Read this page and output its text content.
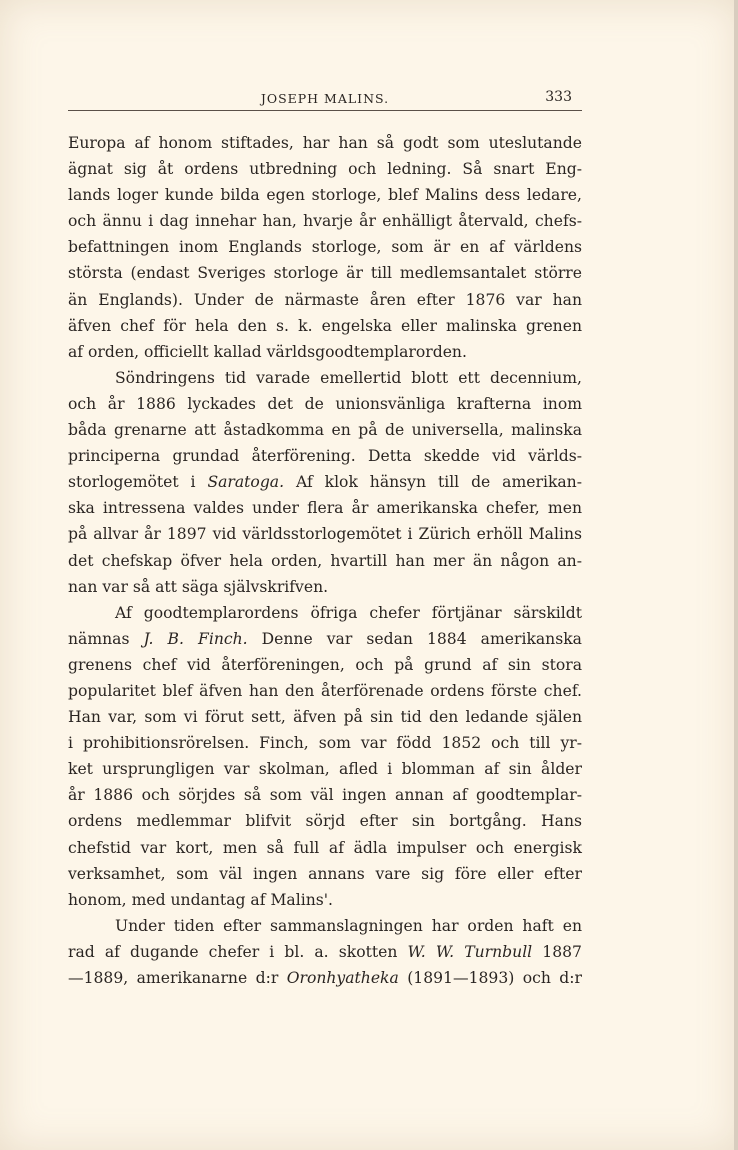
JOSEPH MALINS.	333
Europa af honom stiftades, har han så godt som uteslutande
ägnat sig åt ordens utbredning och ledning. Så snart Eng-
lands loger kunde bilda egen storloge, blef Malins dess ledare,
och ännu i dag innehar han, hvarje år enhälligt återvald, chefs-
befattningen inom Englands storloge, som är en af världens
största (endast Sveriges storloge är till medlemsantalet större
än Englands). Under de närmaste åren efter 1876 var han
äfven chef för hela den s. k. engelska eller malinska grenen
af orden, officiellt kallad världsgoodtemplarorden.
Söndringens tid varade emellertid blott ett decennium,
och år 1886 lyckades det de unionsvänliga krafterna inom
båda grenarne att åstadkomma en på de universella, malinska
principerna grundad återförening. Detta skedde vid världs-
storlogemötet i Saratoga. Af klok hänsyn till de amerikan-
ska intressena valdes under flera år amerikanska chefer, men
på allvar år 1897 vid världsstorlogemötet i Zürich erhöll Malins
det chefskap öfver hela orden, hvartill han mer än någon an-
nan var så att säga självskrifven.
Af goodtemplarordens öfriga chefer förtjänar särskildt
nämnas J. B. Finch. Denne var sedan 1884 amerikanska
grenens chef vid återföreningen, och på grund af sin stora
popularitet blef äfven han den återförenade ordens förste chef.
Han var, som vi förut sett, äfven på sin tid den ledande själen
i prohibitionsrörelsen. Finch, som var född 1852 och till yr-
ket ursprungligen var skolman, afled i blomman af sin ålder
år 1886 och sörjdes så som väl ingen annan af goodtemplar-
ordens medlemmar blifvit sörjd efter sin bortgång. Hans
chefstid var kort, men så full af ädla impulser och energisk
verksamhet, som väl ingen annans vare sig före eller efter
honom, med undantag af Malins'.
Under tiden efter sammanslagningen har orden haft en
rad af dugande chefer i bl. a. skotten W. W. Turnbull 1887
—1889, amerikanarne d:r Oronhyatheka (1891—1893) och d:r
